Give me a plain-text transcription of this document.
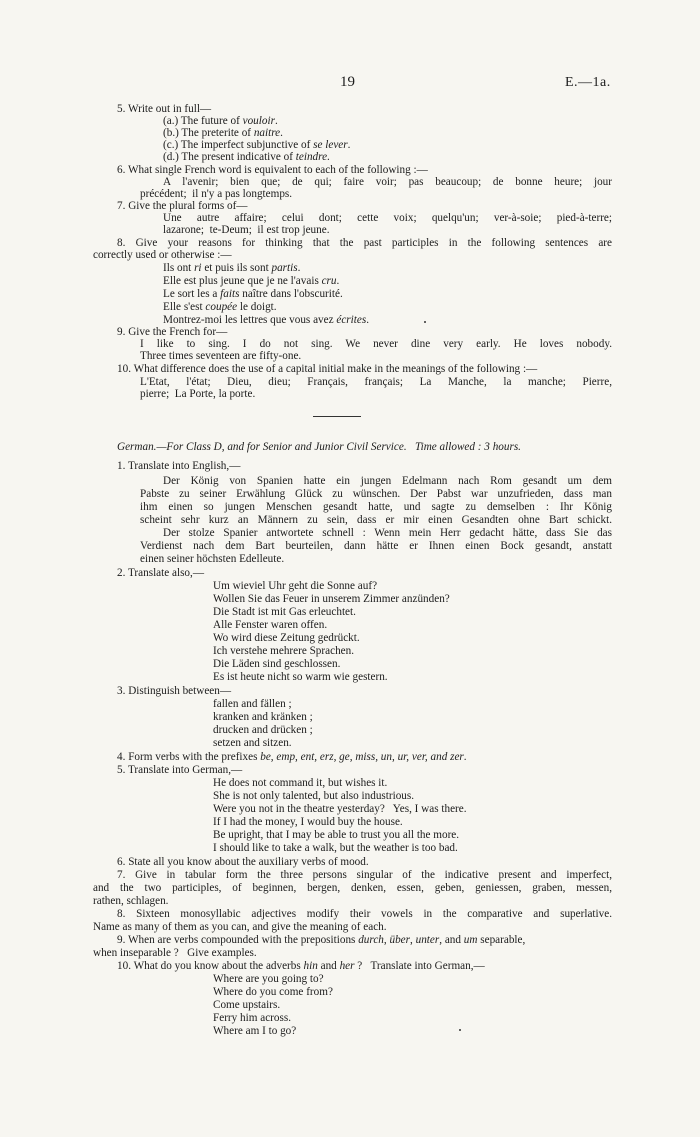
19	E.—1a.
5. Write out in full—
(a.) The future of vouloir.
(b.) The preterite of naitre.
(c.) The imperfect subjunctive of se lever.
(d.) The present indicative of teindre.
6. What single French word is equivalent to each of the following :—
A l'avenir; bien que; de qui; faire voir; pas beaucoup; de bonne heure; jour
précédent;  il n'y a pas longtemps.
7. Give the plural forms of—
Une autre affaire; celui dont; cette voix; quelqu'un; ver-à-soie; pied-à-terre;
lazarone;  te-Deum;  il est trop jeune.
8. Give your reasons for thinking that the past participles in the following sentences are
correctly used or otherwise :—
Ils ont ri et puis ils sont partis.
Elle est plus jeune que je ne l'avais cru.
Le sort les a faits naître dans l'obscurité.
Elle s'est coupée le doigt.
Montrez-moi les lettres que vous avez écrites.
9. Give the French for—
I like to sing. I do not sing. We never dine very early. He loves nobody.
Three times seventeen are fifty-one.
10. What difference does the use of a capital initial make in the meanings of the following :—
L'Etat, l'état; Dieu, dieu; Français, français; La Manche, la manche; Pierre,
pierre;  La Porte, la porte.
German.—For Class D, and for Senior and Junior Civil Service.   Time allowed : 3 hours.
1. Translate into English,—
Der König von Spanien hatte ein jungen Edelmann nach Rom gesandt um dem
Pabste zu seiner Erwählung Glück zu wünschen. Der Pabst war unzufrieden, dass man
ihm einen so jungen Menschen gesandt hatte, und sagte zu demselben : Ihr König
scheint sehr kurz an Männern zu sein, dass er mir einen Gesandten ohne Bart schickt.
Der stolze Spanier antwortete schnell : Wenn mein Herr gedacht hätte, dass Sie das
Verdienst nach dem Bart beurteilen, dann hätte er Ihnen einen Bock gesandt, anstatt
einen seiner höchsten Edelleute.
2. Translate also,—
Um wieviel Uhr geht die Sonne auf?
Wollen Sie das Feuer in unserem Zimmer anzünden?
Die Stadt ist mit Gas erleuchtet.
Alle Fenster waren offen.
Wo wird diese Zeitung gedrückt.
Ich verstehe mehrere Sprachen.
Die Läden sind geschlossen.
Es ist heute nicht so warm wie gestern.
3. Distinguish between—
fallen and fällen ;
kranken and kränken ;
drucken and drücken ;
setzen and sitzen.
4. Form verbs with the prefixes be, emp, ent, erz, ge, miss, un, ur, ver, and zer.
5. Translate into German,—
He does not command it, but wishes it.
She is not only talented, but also industrious.
Were you not in the theatre yesterday?   Yes, I was there.
If I had the money, I would buy the house.
Be upright, that I may be able to trust you all the more.
I should like to take a walk, but the weather is too bad.
6. State all you know about the auxiliary verbs of mood.
7. Give in tabular form the three persons singular of the indicative present and imperfect,
and the two participles, of beginnen, bergen, denken, essen, geben, geniessen, graben, messen,
rathen, schlagen.
8. Sixteen monosyllabic adjectives modify their vowels in the comparative and superlative.
Name as many of them as you can, and give the meaning of each.
9. When are verbs compounded with the prepositions durch, über, unter, and um separable,
when inseparable ?   Give examples.
10. What do you know about the adverbs hin and her ?   Translate into German,—
Where are you going to?
Where do you come from?
Come upstairs.
Ferry him across.
Where am I to go?
